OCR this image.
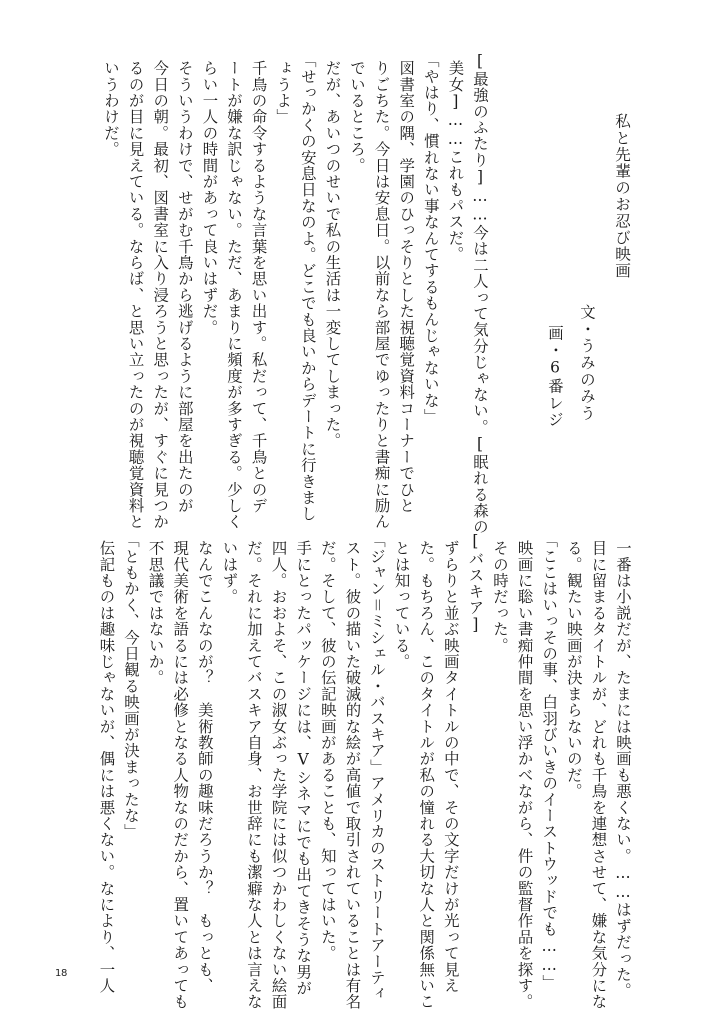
私と先輩のお忍び映画
文・うみのみう
画・6番レジ
[最強のふたり]……今は二人って気分じゃない。[眠れる森の
美女]……これもパスだ。
「やはり、慣れない事なんてするもんじゃないな」
図書室の隅、学園のひっそりとした視聴覚資料コーナーでひと
りごちた。今日は安息日。以前なら部屋でゆったりと書痴に励ん
でいるところ。
だが、あいつのせいで私の生活は一変してしまった。
「せっかくの安息日なのよ。どこでも良いからデートに行きまし
ょうよ」
千鳥の命令するような言葉を思い出す。私だって、千鳥とのデ
ートが嫌な訳じゃない。ただ、あまりに頻度が多すぎる。少しく
らい一人の時間があって良いはずだ。
そういうわけで、せがむ千鳥から逃げるように部屋を出たのが
今日の朝。最初、図書室に入り浸ろうと思ったが、すぐに見つか
るのが目に見えている。ならば、と思い立ったのが視聴覚資料と
いうわけだ。
一番は小説だが、たまには映画も悪くない。……はずだった。
目に留まるタイトルが、どれも千鳥を連想させて、嫌な気分にな
る。観たい映画が決まらないのだ。
「ここはいっその事、白羽びいきのイーストウッドでも……」
映画に聡い書痴仲間を思い浮かべながら、件の監督作品を探す。
その時だった。
[バスキア]
ずらりと並ぶ映画タイトルの中で、その文字だけが光って見え
た。もちろん、このタイトルが私の憧れる大切な人と関係無いこ
とは知っている。
「ジャン＝ミシェル・バスキア」アメリカのストリートアーティ
スト。彼の描いた破滅的な絵が高値で取引されていることは有名
だ。そして、彼の伝記映画があることも、知ってはいた。
手にとったパッケージには、Vシネマにでも出てきそうな男が
四人。おおよそ、この淑女ぶった学院には似つかわしくない絵面
だ。それに加えてバスキア自身、お世辞にも潔癖な人とは言えな
いはず。
なんでこんなのが？　美術教師の趣味だろうか？　もっとも、
現代美術を語るには必修となる人物なのだから、置いてあっても
不思議ではないか。
「ともかく、今日観る映画が決まったな」
伝記ものは趣味じゃないが、偶には悪くない。なにより、一人
18
